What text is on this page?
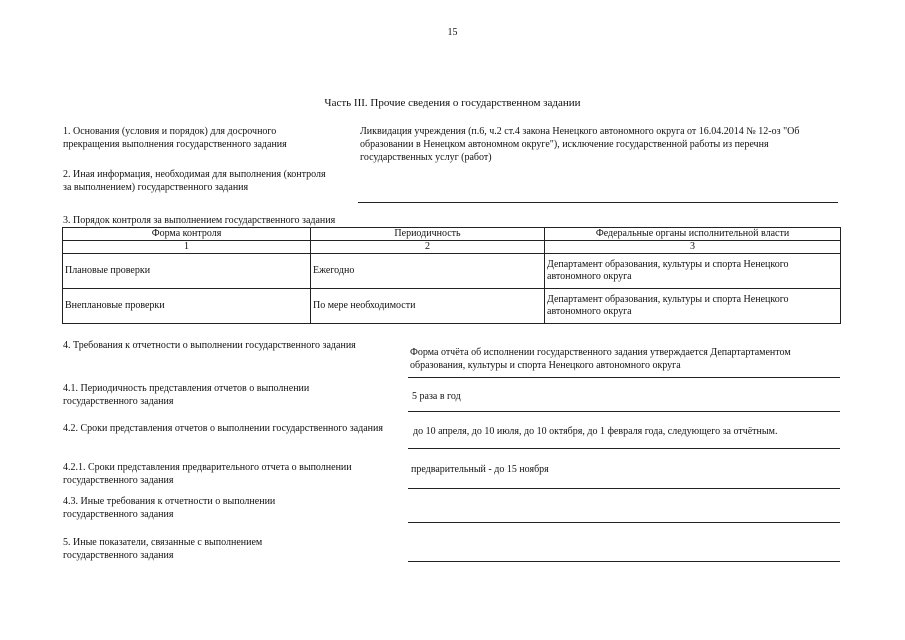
15
Часть III. Прочие сведения о государственном задании
1. Основания (условия и порядок) для досрочного прекращения выполнения государственного задания
Ликвидация учреждения (п.6, ч.2 ст.4 закона Ненецкого автономного округа от 16.04.2014 № 12-оз "Об образовании в Ненецком автономном округе"), исключение государственной работы из перечня государственных услуг (работ)
2. Иная информация, необходимая для выполнения (контроля за выполнением) государственного задания
3. Порядок контроля за выполнением государственного задания
Форма контроля	Периодичность	Федеральные органы исполнительной власти
1	2	3
Плановые проверки	Ежегодно	Департамент образования, культуры и спорта Ненецкого автономного округа
Внеплановые проверки	По мере необходимости	Департамент образования, культуры и спорта Ненецкого автономного округа
4. Требования к отчетности о выполнении государственного задания
Форма отчёта об исполнении государственного задания утверждается Департартаментом образования, культуры и спорта Ненецкого автономного округа
4.1. Периодичность представления отчетов о выполнении государственного задания	5 раза в год
4.2. Сроки представления отчетов о выполнении государственного задания	до 10 апреля, до 10 июля, до 10 октября, до 1 февраля года, следующего за отчётным.
4.2.1. Сроки представления предварительного отчета о выполнении государственного задания
предварительный - до 15 ноября
4.3. Иные требования к отчетности о выполнении государственного задания
5. Иные показатели, связанные с выполнением государственного задания
